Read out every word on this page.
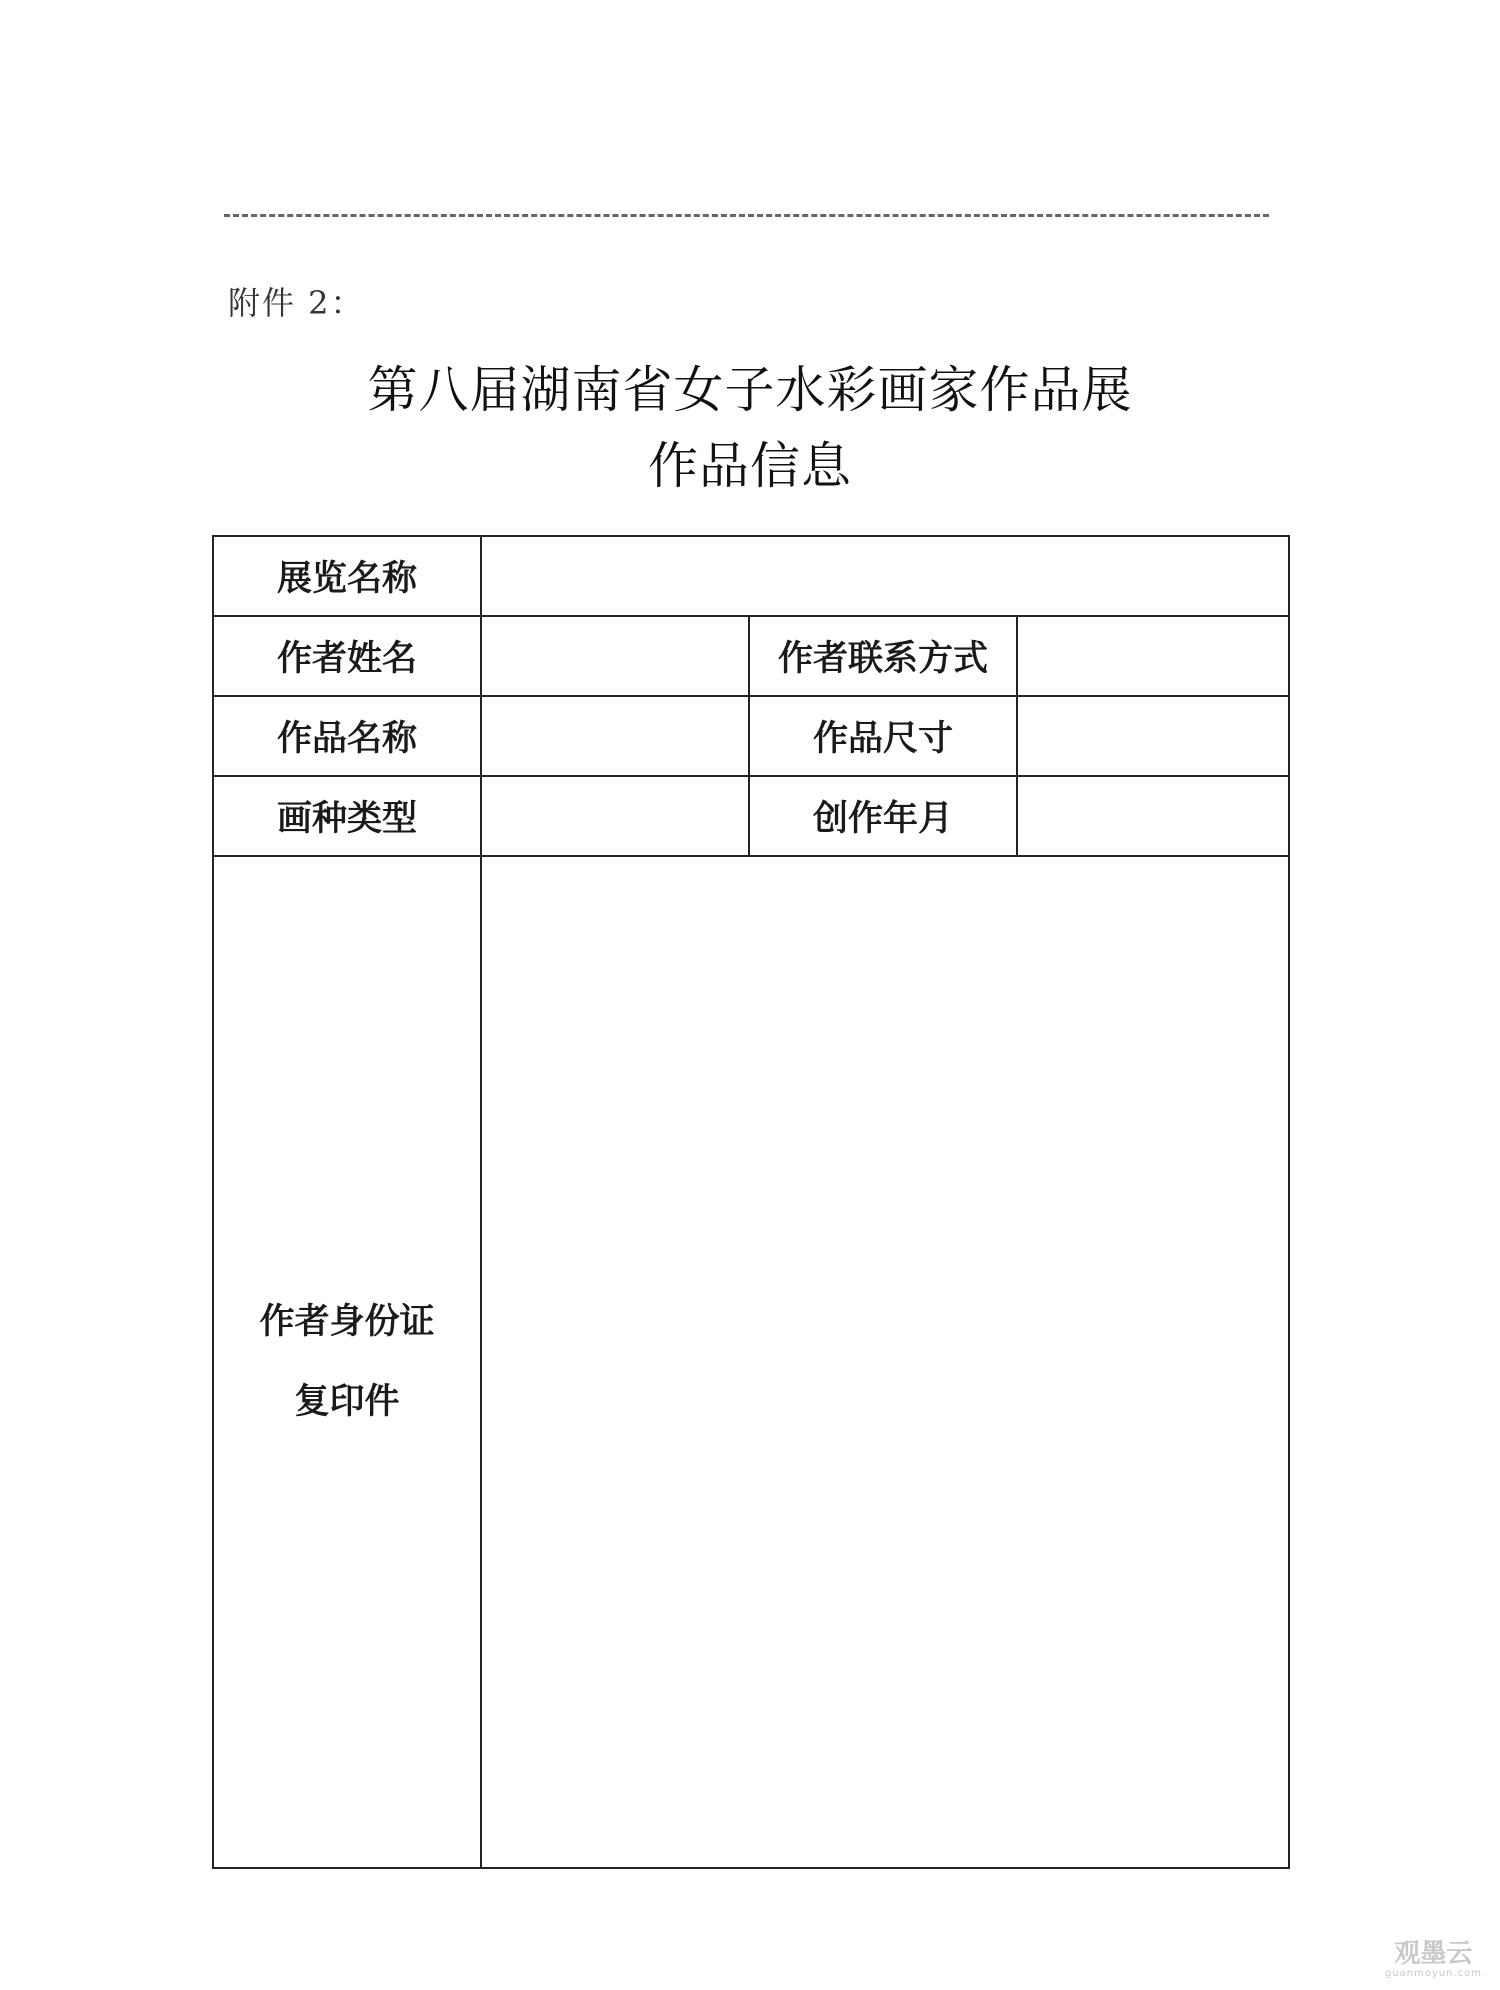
附件 2：
第八届湖南省女子水彩画家作品展
作品信息
展览名称			
作者姓名		作者联系方式	
作品名称		作品尺寸	
画种类型		创作年月	

作者身份证
复印件			

观墨云
guanmoyun.com
